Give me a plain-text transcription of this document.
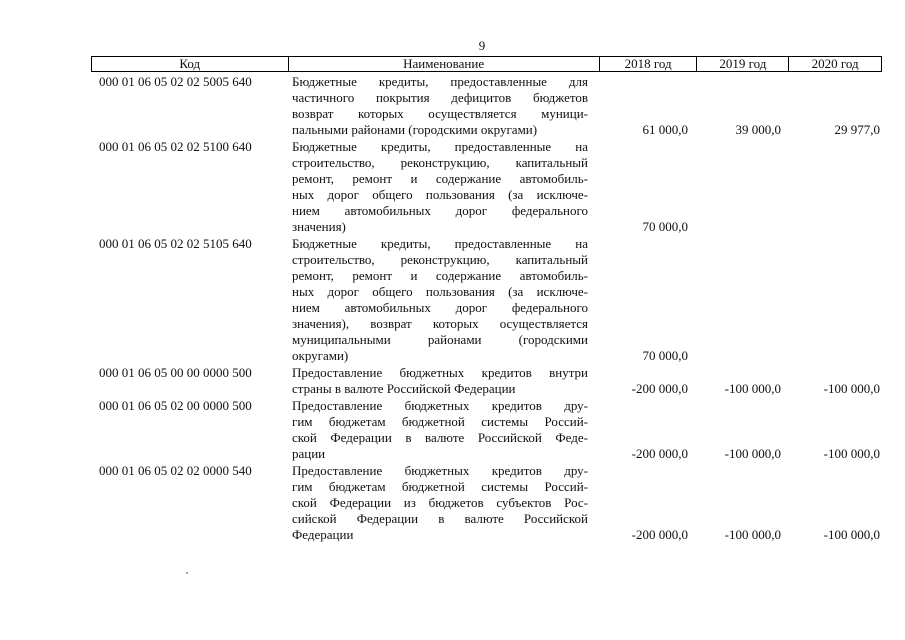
9
Код	Наименование	2018 год	2019 год	2020 год
000 01 06 05 02 02 5005 640	Бюджетные кредиты, предоставленные для
частичного покрытия дефицитов бюджетов
возврат которых осуществляется муници-
пальными районами (городскими округами)	61 000,0	39 000,0	29 977,0
000 01 06 05 02 02 5100 640	Бюджетные кредиты, предоставленные на
строительство, реконструкцию, капитальный
ремонт, ремонт и содержание автомобиль-
ных дорог общего пользования (за исключе-
нием автомобильных дорог федерального
значения)	70 000,0
000 01 06 05 02 02 5105 640	Бюджетные кредиты, предоставленные на
строительство, реконструкцию, капитальный
ремонт, ремонт и содержание автомобиль-
ных дорог общего пользования (за исключе-
нием автомобильных дорог федерального
значения), возврат которых осуществляется
муниципальными районами (городскими
округами)	70 000,0
000 01 06 05 00 00 0000 500	Предоставление бюджетных кредитов внутри
страны в валюте Российской Федерации	-200 000,0	-100 000,0	-100 000,0
000 01 06 05 02 00 0000 500	Предоставление бюджетных кредитов дру-
гим бюджетам бюджетной системы Россий-
ской Федерации в валюте Российской Феде-
рации	-200 000,0	-100 000,0	-100 000,0
000 01 06 05 02 02 0000 540	Предоставление бюджетных кредитов дру-
гим бюджетам бюджетной системы Россий-
ской Федерации из бюджетов субъектов Рос-
сийской Федерации в валюте Российской
Федерации	-200 000,0	-100 000,0	-100 000,0
